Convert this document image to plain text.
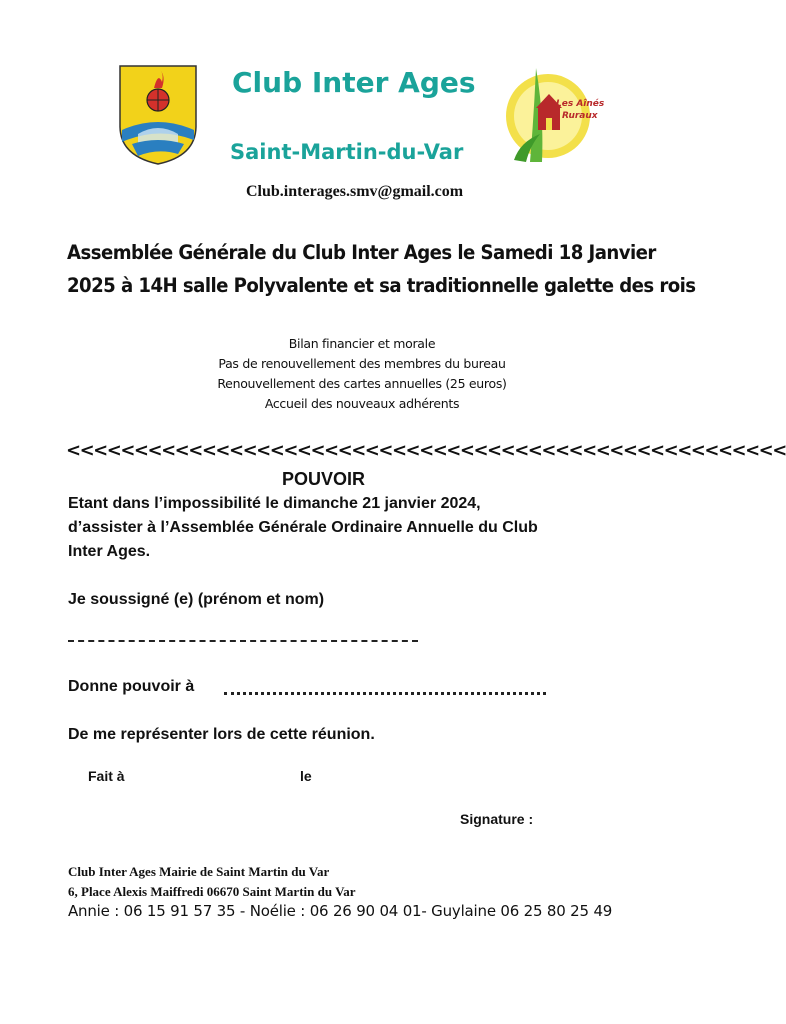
Club Inter Ages
Saint-Martin-du-Var
Les Aînés
Ruraux
Club.interages.smv@gmail.com
Assemblée Générale du Club Inter Ages le Samedi 18 Janvier
2025 à 14H salle Polyvalente et sa traditionnelle galette des rois
Bilan financier et morale
Pas de renouvellement des membres du bureau
Renouvellement des cartes annuelles (25 euros)
Accueil des nouveaux adhérents
<<<<<<<<<<<<<<<<<<<<<<<<<<<<<<<<<<<<<<<<<<<<<<<<<<<<<
POUVOIR
Etant dans l’impossibilité le dimanche 21 janvier 2024,
d’assister à l’Assemblée Générale Ordinaire Annuelle du Club
Inter Ages.
Je soussigné (e) (prénom et nom)
Donne pouvoir à
De me représenter lors de cette réunion.
Fait à	le
Signature :
Club Inter Ages Mairie de Saint Martin du Var
6, Place Alexis Maiffredi 06670 Saint Martin du Var
Annie : 06 15 91 57 35 - Noélie : 06 26 90 04 01- Guylaine 06 25 80 25 49
